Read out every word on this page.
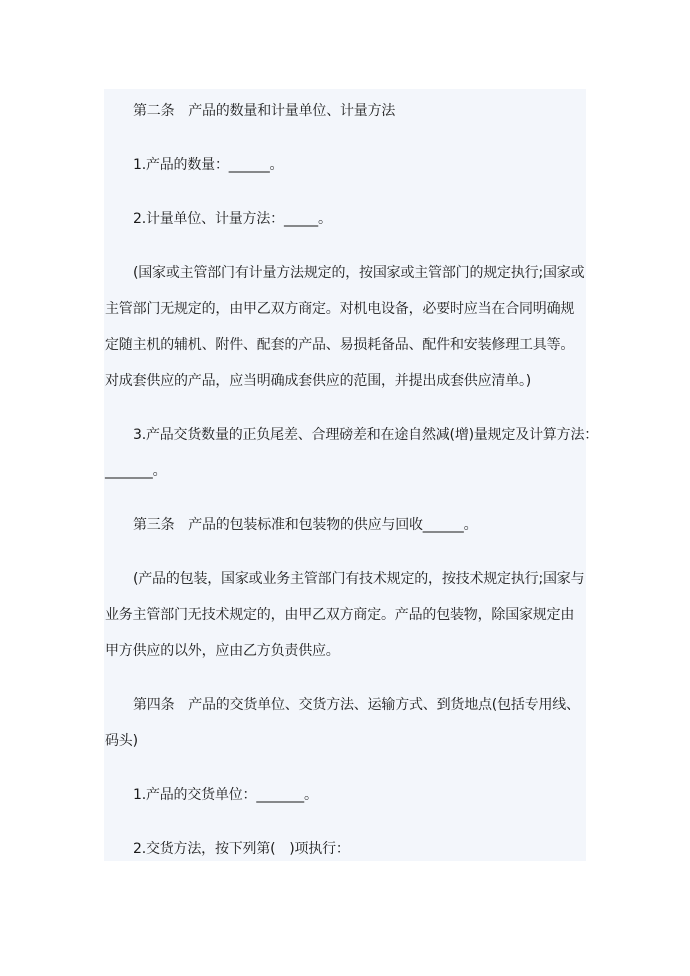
第二条　产品的数量和计量单位、计量方法
1.产品的数量：______。
2.计量单位、计量方法：_____。
(国家或主管部门有计量方法规定的，按国家或主管部门的规定执行;国家或
主管部门无规定的，由甲乙双方商定。对机电设备，必要时应当在合同明确规
定随主机的辅机、附件、配套的产品、易损耗备品、配件和安装修理工具等。
对成套供应的产品，应当明确成套供应的范围，并提出成套供应清单。)
3.产品交货数量的正负尾差、合理磅差和在途自然减(增)量规定及计算方法：
_______。
第三条　产品的包装标准和包装物的供应与回收______。
(产品的包装，国家或业务主管部门有技术规定的，按技术规定执行;国家与
业务主管部门无技术规定的，由甲乙双方商定。产品的包装物，除国家规定由
甲方供应的以外，应由乙方负责供应。
第四条　产品的交货单位、交货方法、运输方式、到货地点(包括专用线、
码头)
1.产品的交货单位：_______。
2.交货方法，按下列第(　)项执行：
